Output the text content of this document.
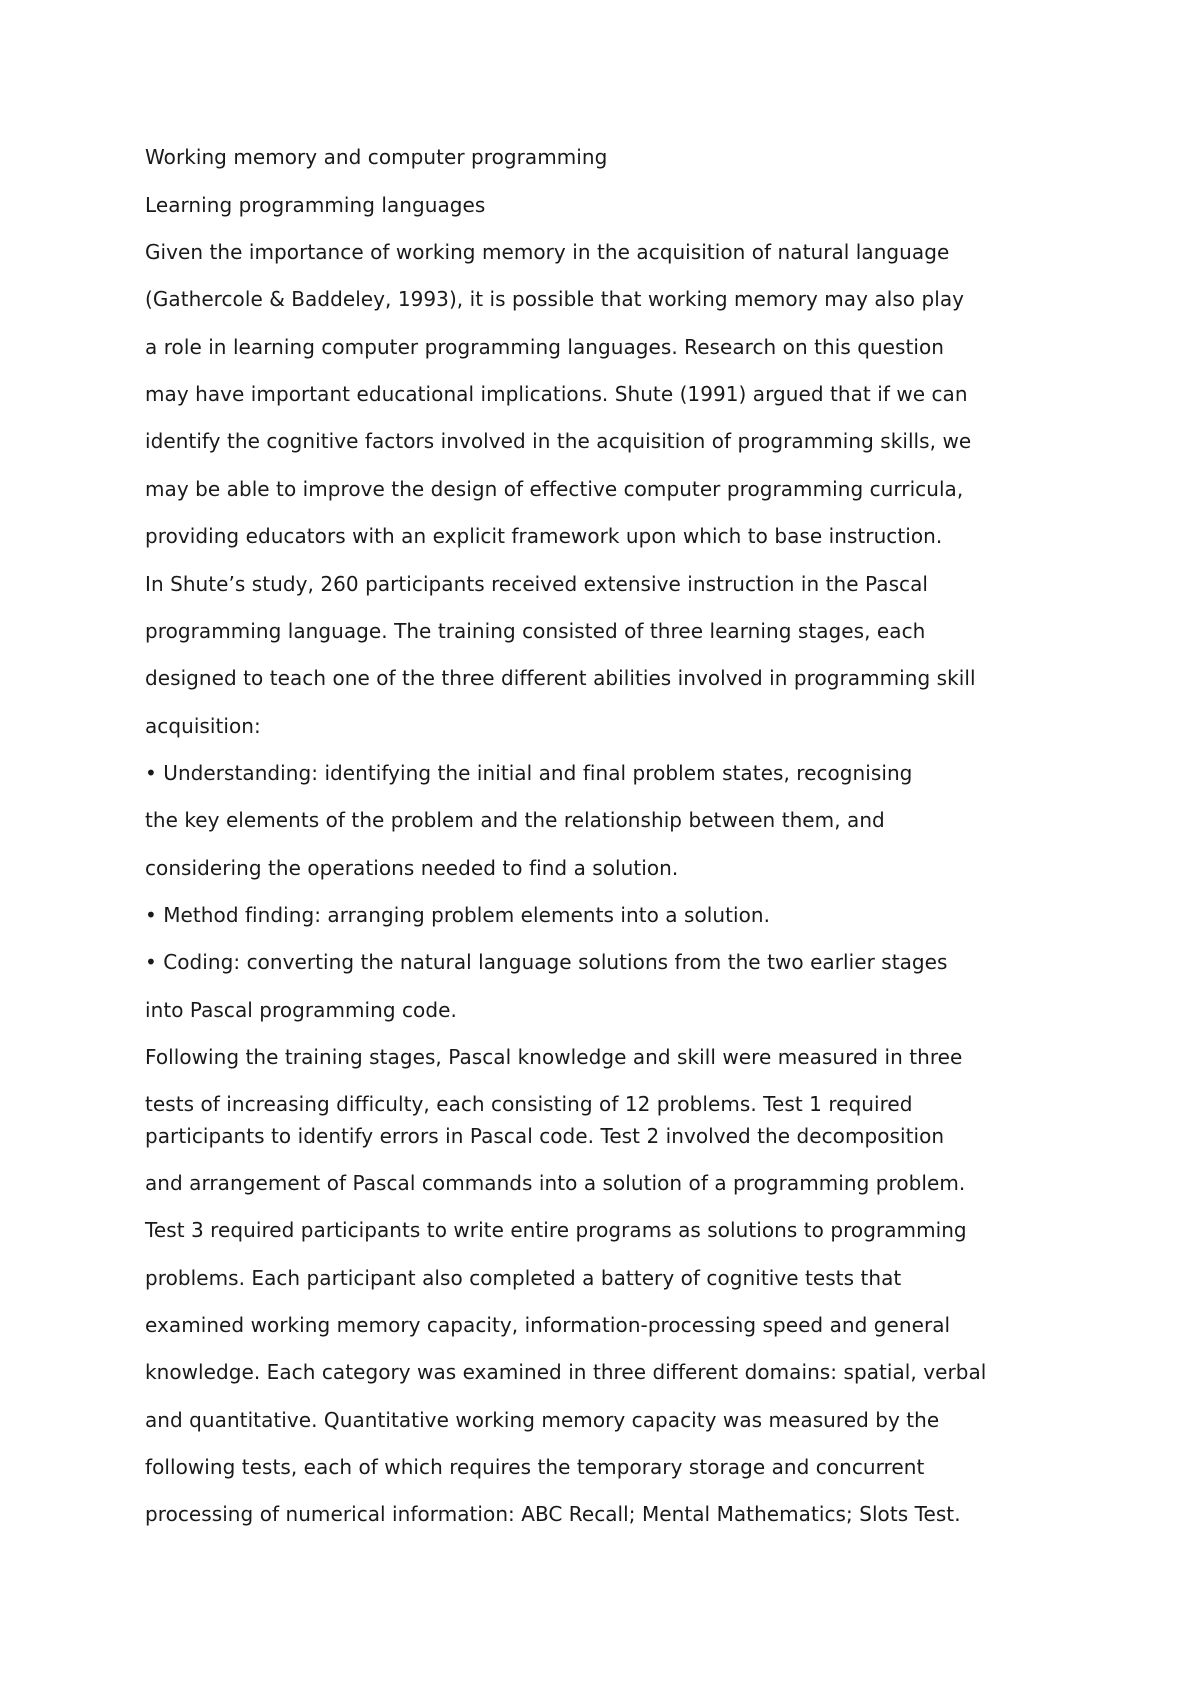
Working memory and computer programming
Learning programming languages
Given the importance of working memory in the acquisition of natural language
(Gathercole & Baddeley, 1993), it is possible that working memory may also play
a role in learning computer programming languages. Research on this question
may have important educational implications. Shute (1991) argued that if we can
identify the cognitive factors involved in the acquisition of programming skills, we
may be able to improve the design of effective computer programming curricula,
providing educators with an explicit framework upon which to base instruction.
In Shute’s study, 260 participants received extensive instruction in the Pascal
programming language. The training consisted of three learning stages, each
designed to teach one of the three different abilities involved in programming skill
acquisition:
• Understanding: identifying the initial and final problem states, recognising
the key elements of the problem and the relationship between them, and
considering the operations needed to find a solution.
• Method finding: arranging problem elements into a solution.
• Coding: converting the natural language solutions from the two earlier stages
into Pascal programming code.
Following the training stages, Pascal knowledge and skill were measured in three
tests of increasing difficulty, each consisting of 12 problems. Test 1 required
participants to identify errors in Pascal code. Test 2 involved the decomposition
and arrangement of Pascal commands into a solution of a programming problem.
Test 3 required participants to write entire programs as solutions to programming
problems. Each participant also completed a battery of cognitive tests that
examined working memory capacity, information-processing speed and general
knowledge. Each category was examined in three different domains: spatial, verbal
and quantitative. Quantitative working memory capacity was measured by the
following tests, each of which requires the temporary storage and concurrent
processing of numerical information: ABC Recall; Mental Mathematics; Slots Test.
